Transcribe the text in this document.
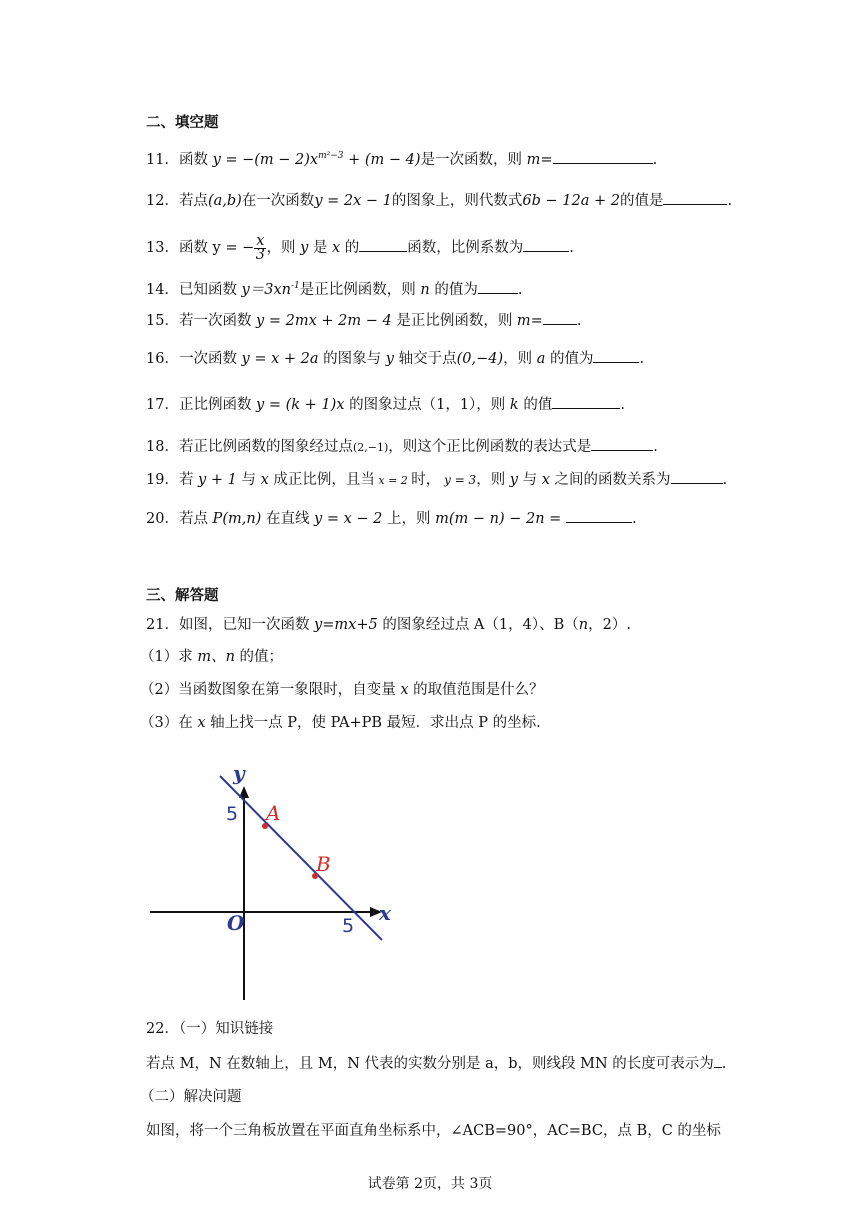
二、填空题
11．函数 $y = -(m - 2)x^{m^2-3} + (m - 4)$是一次函数，则 m=	.
12．若点(a,b)在一次函数y = 2x − 1的图象上，则代数式6b − 12a + 2的值是	.
13．函数 y = − $\frac{x}{3}$ ，则 y 是 x 的	函数，比例系数为	.
14．已知函数 $y=3xn^{-1}$是正比例函数，则 n 的值为	.
15．若一次函数 y = 2mx + 2m − 4 是正比例函数，则 m= .
16．一次函数 y = x + 2a 的图象与 y 轴交于点(0,−4)，则 a 的值为	.
17．正比例函数 y = (k + 1)x 的图象过点（1，1），则 k 的值	.
18．若正比例函数的图象经过点(2,−1)，则这个正比例函数的表达式是	.
19．若 y + 1 与 x 成正比例，且当 x = 2 时， y = 3，则 y 与 x 之间的函数关系为	.
20．若点 P(m,n) 在直线 y = x − 2 上，则 m(m − n) − 2n =	.
三、解答题
21．如图，已知一次函数 y=mx+5 的图象经过点 A（1，4）、B（n，2）.
（1）求 m、n 的值；
（2）当函数图象在第一象限时，自变量 x 的取值范围是什么？
（3）在 x 轴上找一点 P，使 PA+PB 最短．求出点 P 的坐标.
y
x
O
5
5
A
B
22．（一）知识链接
若点 M，N 在数轴上，且 M，N 代表的实数分别是 a，b，则线段 MN 的长度可表示为 .
（二）解决问题
如图，将一个三角板放置在平面直角坐标系中，∠ACB=90°，AC=BC，点 B，C 的坐标
试卷第 2页，共 3页
